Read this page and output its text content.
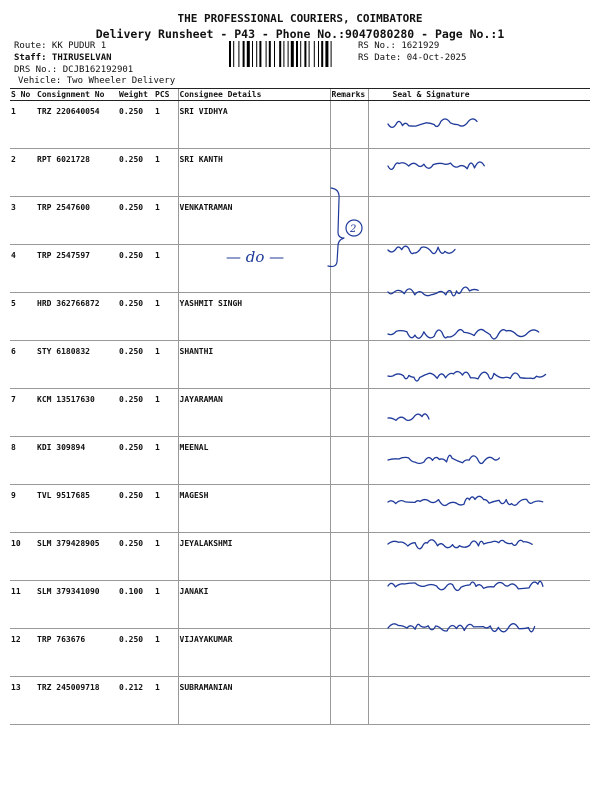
THE PROFESSIONAL COURIERS, COIMBATORE
Delivery Runsheet - P43 - Phone No.:9047080280 - Page No.:1
Route: KK PUDUR 1
Staff: THIRUSELVAN
DRS No.: DCJB162192901
Vehicle: Two Wheeler Delivery
RS No.: 1621929
RS Date: 04-Oct-2025
S No	Consignment No	Weight	PCS	Consignee Details	Remarks	Seal & Signature
1	TRZ 220640054	0.250	1	SRI VIDHYA		
2	RPT 6021728	0.250	1	SRI KANTH		
3	TRP 2547600	0.250	1	VENKATRAMAN		
4	TRP 2547597	0.250	1			
5	HRD 362766872	0.250	1	YASHMIT SINGH		
6	STY 6180832	0.250	1	SHANTHI		
7	KCM 13517630	0.250	1	JAYARAMAN		
8	KDI 309894	0.250	1	MEENAL		
9	TVL 9517685	0.250	1	MAGESH		
10	SLM 379428905	0.250	1	JEYALAKSHMI		
11	SLM 379341090	0.100	1	JANAKI		
12	TRP 763676	0.250	1	VIJAYAKUMAR		
13	TRZ 245009718	0.212	1	SUBRAMANIAN		
2
— do —
